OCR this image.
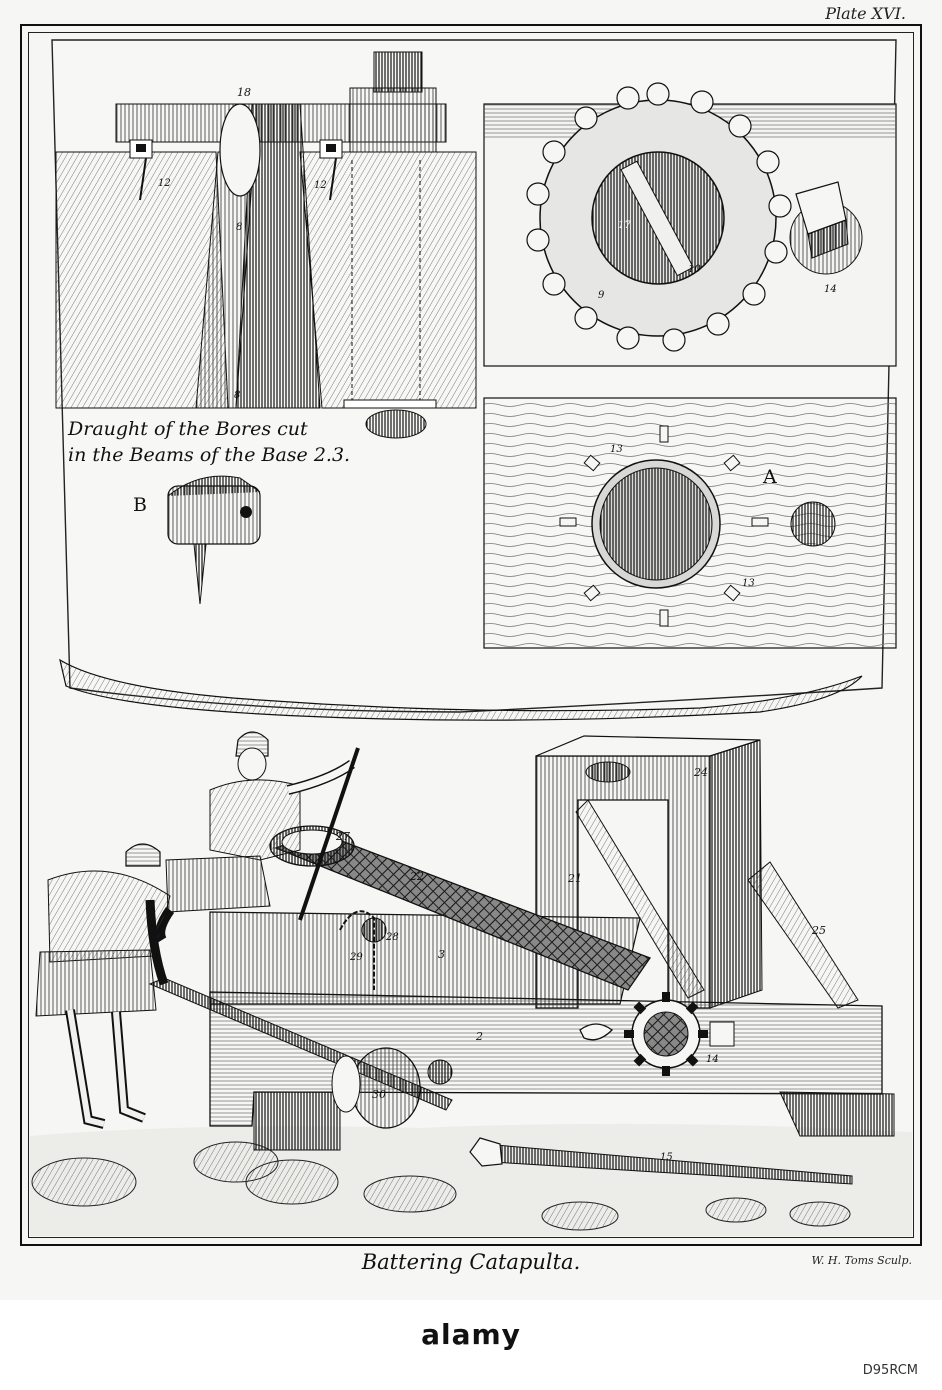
Plate XVI.
18
12	12
8
8
17
10
9
14
13
13
15
24
25
21
2
3
27
22
14
28
29
30
A
B
Draught of the Bores cut
in the Beams of the Base 2.3.
Battering Catapulta.	W. H. Toms Sculp.
alamy
D95RCM
